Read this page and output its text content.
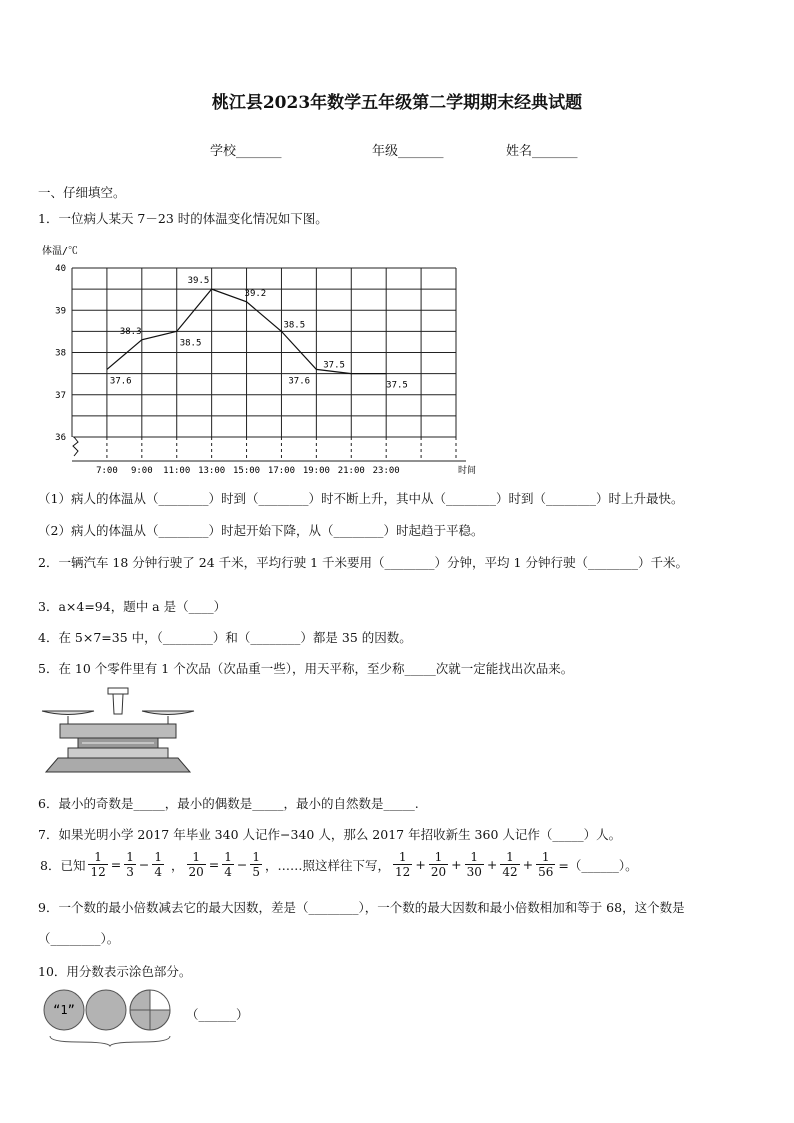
桃江县2023年数学五年级第二学期期末经典试题
学校_______	年级_______	姓名_______
一、仔细填空。
1．一位病人某天 7－23 时的体温变化情况如下图。
体温/℃
36
37
38
39
40
7:00 9:00 11:00 13:00 15:00 17:00 19:00 21:00 23:00
37.6
38.3
38.5
39.5
39.2
38.5
37.6
37.5
37.5
时间
（1）病人的体温从（________）时到（________）时不断上升，其中从（________）时到（________）时上升最快。
（2）病人的体温从（________）时起开始下降，从（________）时起趋于平稳。
2．一辆汽车 18 分钟行驶了 24 千米，平均行驶 1 千米要用（________）分钟，平均 1 分钟行驶（________）千米。
3．a×4=94，题中 a 是（____）
4．在 5×7=35 中，（________）和（________）都是 35 的因数。
5．在 10 个零件里有 1 个次品（次品重一些），用天平称，至少称_____次就一定能找出次品来。
6．最小的奇数是_____，最小的偶数是_____，最小的自然数是_____.
7．如果光明小学 2017 年毕业 340 人记作−340 人，那么 2017 年招收新生 360 人记作（_____）人。
8．已知 $\frac{1}{12} = \frac{1}{3} - \frac{1}{4}$ ， $\frac{1}{20} = \frac{1}{4} - \frac{1}{5}$ ，……照这样往下写， $\frac{1}{12} + \frac{1}{20} + \frac{1}{30} + \frac{1}{42} + \frac{1}{56}$ =（______）。
9．一个数的最小倍数减去它的最大因数，差是（________），一个数的最大因数和最小倍数相加和等于 68，这个数是
（________）。
10．用分数表示涂色部分。
“1”	（______）
